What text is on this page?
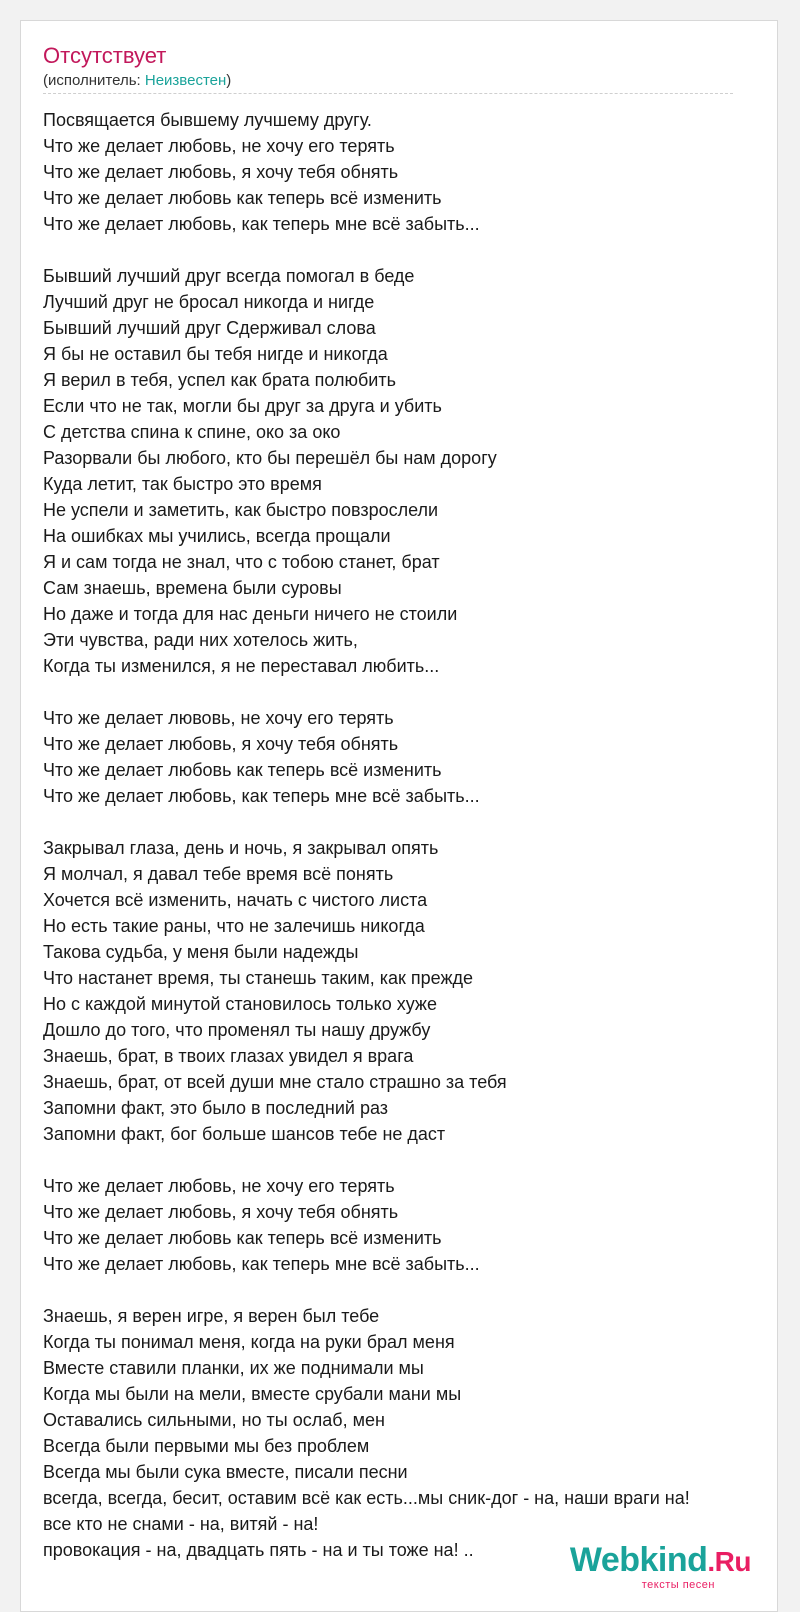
Отсутствует
(исполнитель: Неизвестен)
Посвящается бывшему лучшему другу.
Что же делает любовь, не хочу его терять
Что же делает любовь, я хочу тебя обнять
Что же делает любовь как теперь всё изменить
Что же делает любовь, как теперь мне всё забыть...
Бывший лучший друг всегда помогал в беде
Лучший друг не бросал никогда и нигде
Бывший лучший друг Сдерживал слова
Я бы не оставил бы тебя нигде и никогда
Я верил в тебя, успел как брата полюбить
Если что не так, могли бы друг за друга и убить
С детства спина к спине, око за око
Разорвали бы любого, кто бы перешёл бы нам дорогу
Куда летит, так быстро это время
Не успели и заметить, как быстро повзрослели
На ошибках мы учились, всегда прощали
Я и сам тогда не знал, что с тобою станет, брат
Сам знаешь, времена были суровы
Но даже и тогда для нас деньги ничего не стоили
Эти чувства, ради них хотелось жить,
Когда ты изменился, я не переставал любить...
Что же делает лювовь, не хочу его терять
Что же делает любовь, я хочу тебя обнять
Что же делает любовь как теперь всё изменить
Что же делает любовь, как теперь мне всё забыть...
Закрывал глаза, день и ночь, я закрывал опять
Я молчал, я давал тебе время всё понять
Хочется всё изменить, начать с чистого листа
Но есть такие раны, что не залечишь никогда
Такова судьба, у меня были надежды
Что настанет время, ты станешь таким, как прежде
Но с каждой минутой становилось только хуже
Дошло до того, что променял ты нашу дружбу
Знаешь, брат, в твоих глазах увидел я врага
Знаешь, брат, от всей души мне стало страшно за тебя
Запомни факт, это было в последний раз
Запомни факт, бог больше шансов тебе не даст
Что же делает любовь, не хочу его терять
Что же делает любовь, я хочу тебя обнять
Что же делает любовь как теперь всё изменить
Что же делает любовь, как теперь мне всё забыть...
Знаешь, я верен игре, я верен был тебе
Когда ты понимал меня, когда на руки брал меня
Вместе ставили планки, их же поднимали мы
Когда мы были на мели, вместе срубали мани мы
Оставались сильными, но ты ослаб, мен
Всегда были первыми мы без проблем
Всегда мы были сука вместе, писали песни
всегда, всегда, бесит, оставим всё как есть...мы сник-дог - на, наши враги на!
все кто не снами - на, витяй - на!
провокация - на, двадцать пять - на и ты тоже на! ..	Webkind.Ru
тексты песен
